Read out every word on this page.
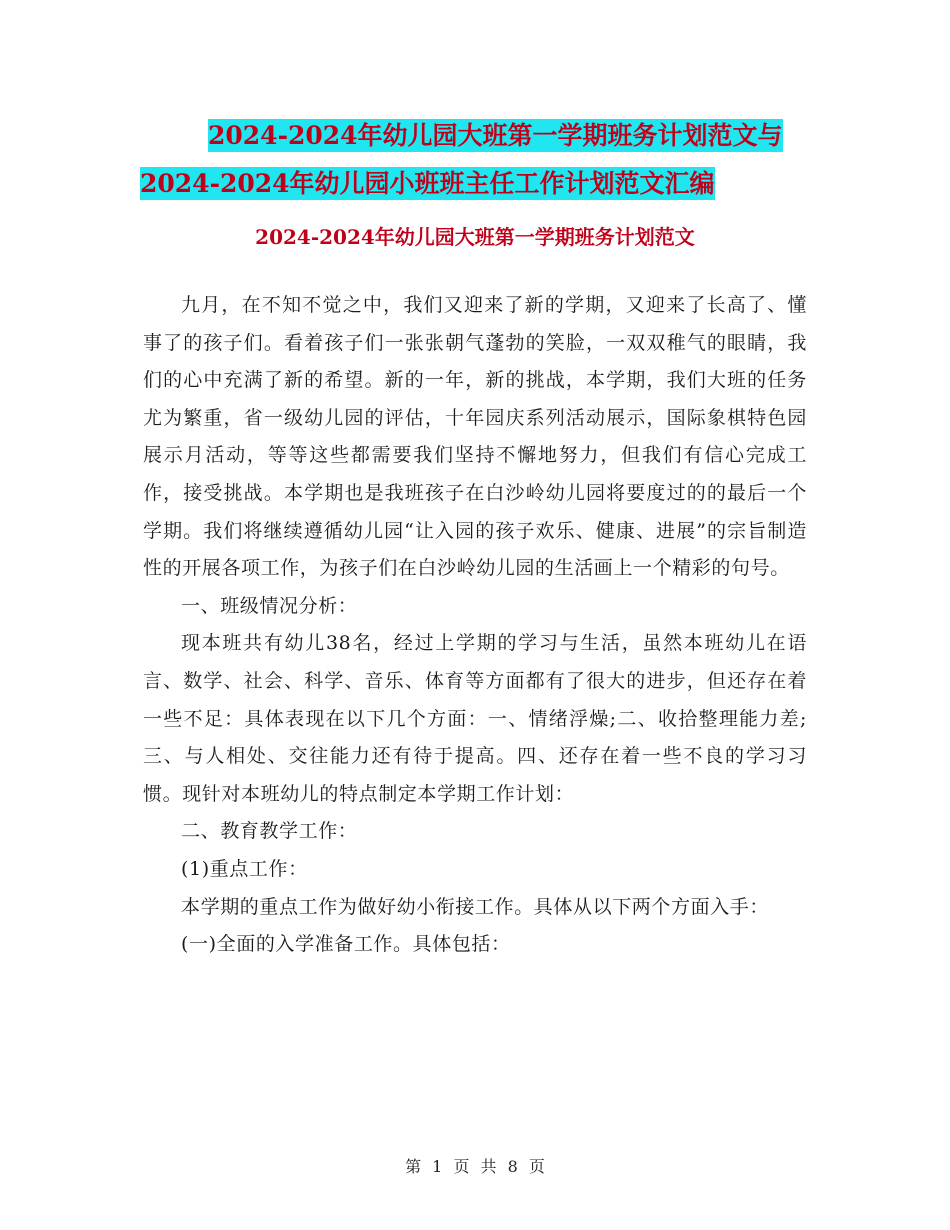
2024-2024年幼儿园大班第一学期班务计划范文与
2024-2024年幼儿园小班班主任工作计划范文汇编
2024-2024年幼儿园大班第一学期班务计划范文

九月，在不知不觉之中，我们又迎来了新的学期，又迎来了长高了、懂事了的孩子们。看着孩子们一张张朝气蓬勃的笑脸，一双双稚气的眼睛，我们的心中充满了新的希望。新的一年，新的挑战，本学期，我们大班的任务尤为繁重，省一级幼儿园的评估，十年园庆系列活动展示，国际象棋特色园展示月活动，等等这些都需要我们坚持不懈地努力，但我们有信心完成工作，接受挑战。本学期也是我班孩子在白沙岭幼儿园将要度过的的最后一个学期。我们将继续遵循幼儿园“让入园的孩子欢乐、健康、进展”的宗旨制造性的开展各项工作，为孩子们在白沙岭幼儿园的生活画上一个精彩的句号。

一、班级情况分析：

现本班共有幼儿38名，经过上学期的学习与生活，虽然本班幼儿在语言、数学、社会、科学、音乐、体育等方面都有了很大的进步，但还存在着一些不足：具体表现在以下几个方面：一、情绪浮燥;二、收拾整理能力差;三、与人相处、交往能力还有待于提高。四、还存在着一些不良的学习习惯。现针对本班幼儿的特点制定本学期工作计划：

二、教育教学工作：

(1)重点工作：

本学期的重点工作为做好幼小衔接工作。具体从以下两个方面入手：

(一)全面的入学准备工作。具体包括：

第 1 页 共 8 页
